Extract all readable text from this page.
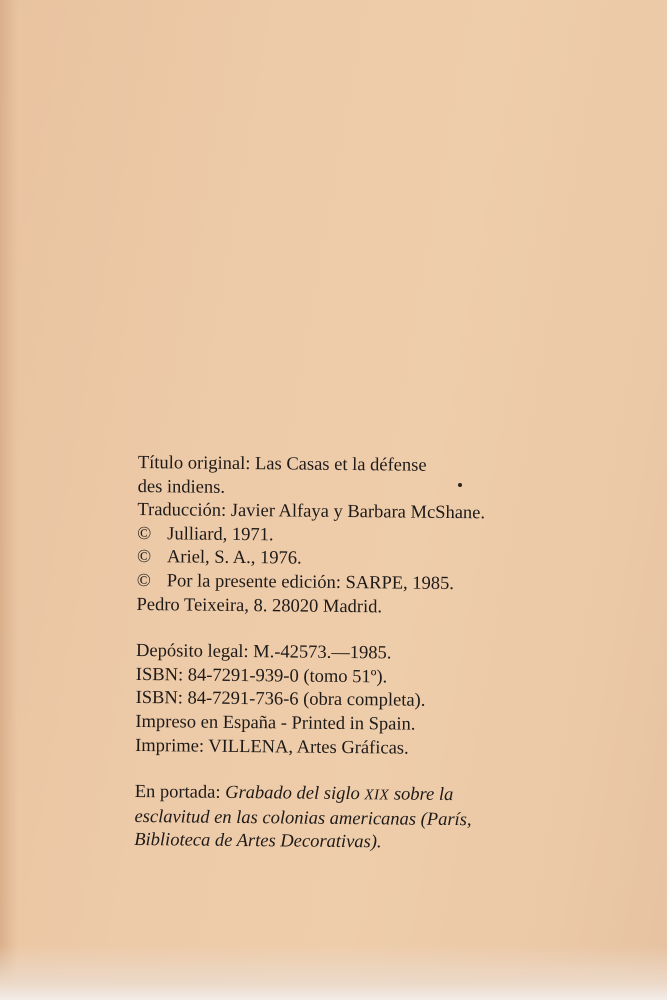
Título original: Las Casas et la défense
des indiens.
Traducción: Javier Alfaya y Barbara McShane.
© Julliard, 1971.
© Ariel, S. A., 1976.
© Por la presente edición: SARPE, 1985.
Pedro Teixeira, 8. 28020 Madrid.
Depósito legal: M.-42573.—1985.
ISBN: 84-7291-939-0 (tomo 51º).
ISBN: 84-7291-736-6 (obra completa).
Impreso en España - Printed in Spain.
Imprime: VILLENA, Artes Gráficas.
En portada: Grabado del siglo XIX sobre la
esclavitud en las colonias americanas (París,
Biblioteca de Artes Decorativas).
